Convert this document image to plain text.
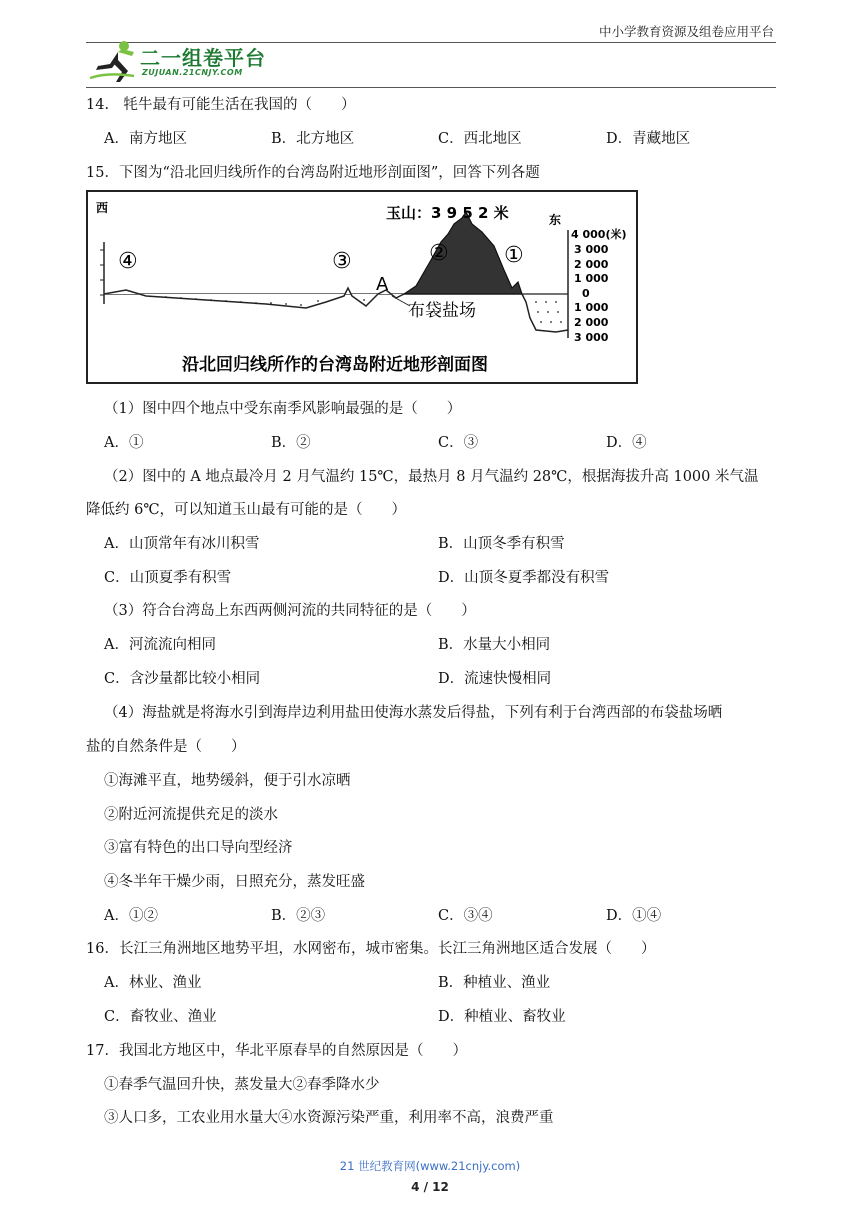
中小学教育资源及组卷应用平台
二一组卷平台
ZUJUAN.21CNJY.COM
14.　牦牛最有可能生活在我国的（　　）
A．南方地区	B．北方地区	C．西北地区	D．青藏地区
15．下图为“沿北回归线所作的台湾岛附近地形剖面图”，回答下列各题
西
东
4 000(米)
3 000
2 000
1 000
0
1 000
2 000
3 000
玉山：3 9 5 2 米
④	③
A
②	①
布袋盐场
沿北回归线所作的台湾岛附近地形剖面图
（1）图中四个地点中受东南季风影响最强的是（　　）
A．①	B．②	C．③	D．④
（2）图中的 A 地点最冷月 2 月气温约 15℃，最热月 8 月气温约 28℃，根据海拔升高 1000 米气温
降低约 6℃，可以知道玉山最有可能的是（　　）
A．山顶常年有冰川积雪	B．山顶冬季有积雪
C．山顶夏季有积雪	D．山顶冬夏季都没有积雪
（3）符合台湾岛上东西两侧河流的共同特征的是（　　）
A．河流流向相同	B．水量大小相同
C．含沙量都比较小相同	D．流速快慢相同
（4）海盐就是将海水引到海岸边利用盐田使海水蒸发后得盐，下列有利于台湾西部的布袋盐场晒
盐的自然条件是（　　）
①海滩平直，地势缓斜，便于引水凉晒
②附近河流提供充足的淡水
③富有特色的出口导向型经济
④冬半年干燥少雨，日照充分，蒸发旺盛
A．①②	B．②③	C．③④	D．①④
16．长江三角洲地区地势平坦，水网密布，城市密集。长江三角洲地区适合发展（　　）
A．林业、渔业	B．种植业、渔业
C．畜牧业、渔业	D．种植业、畜牧业
17．我国北方地区中，华北平原春旱的自然原因是（　　）
①春季气温回升快，蒸发量大②春季降水少
③人口多，工农业用水量大④水资源污染严重，利用率不高，浪费严重
21 世纪教育网(www.21cnjy.com)
4 / 12
